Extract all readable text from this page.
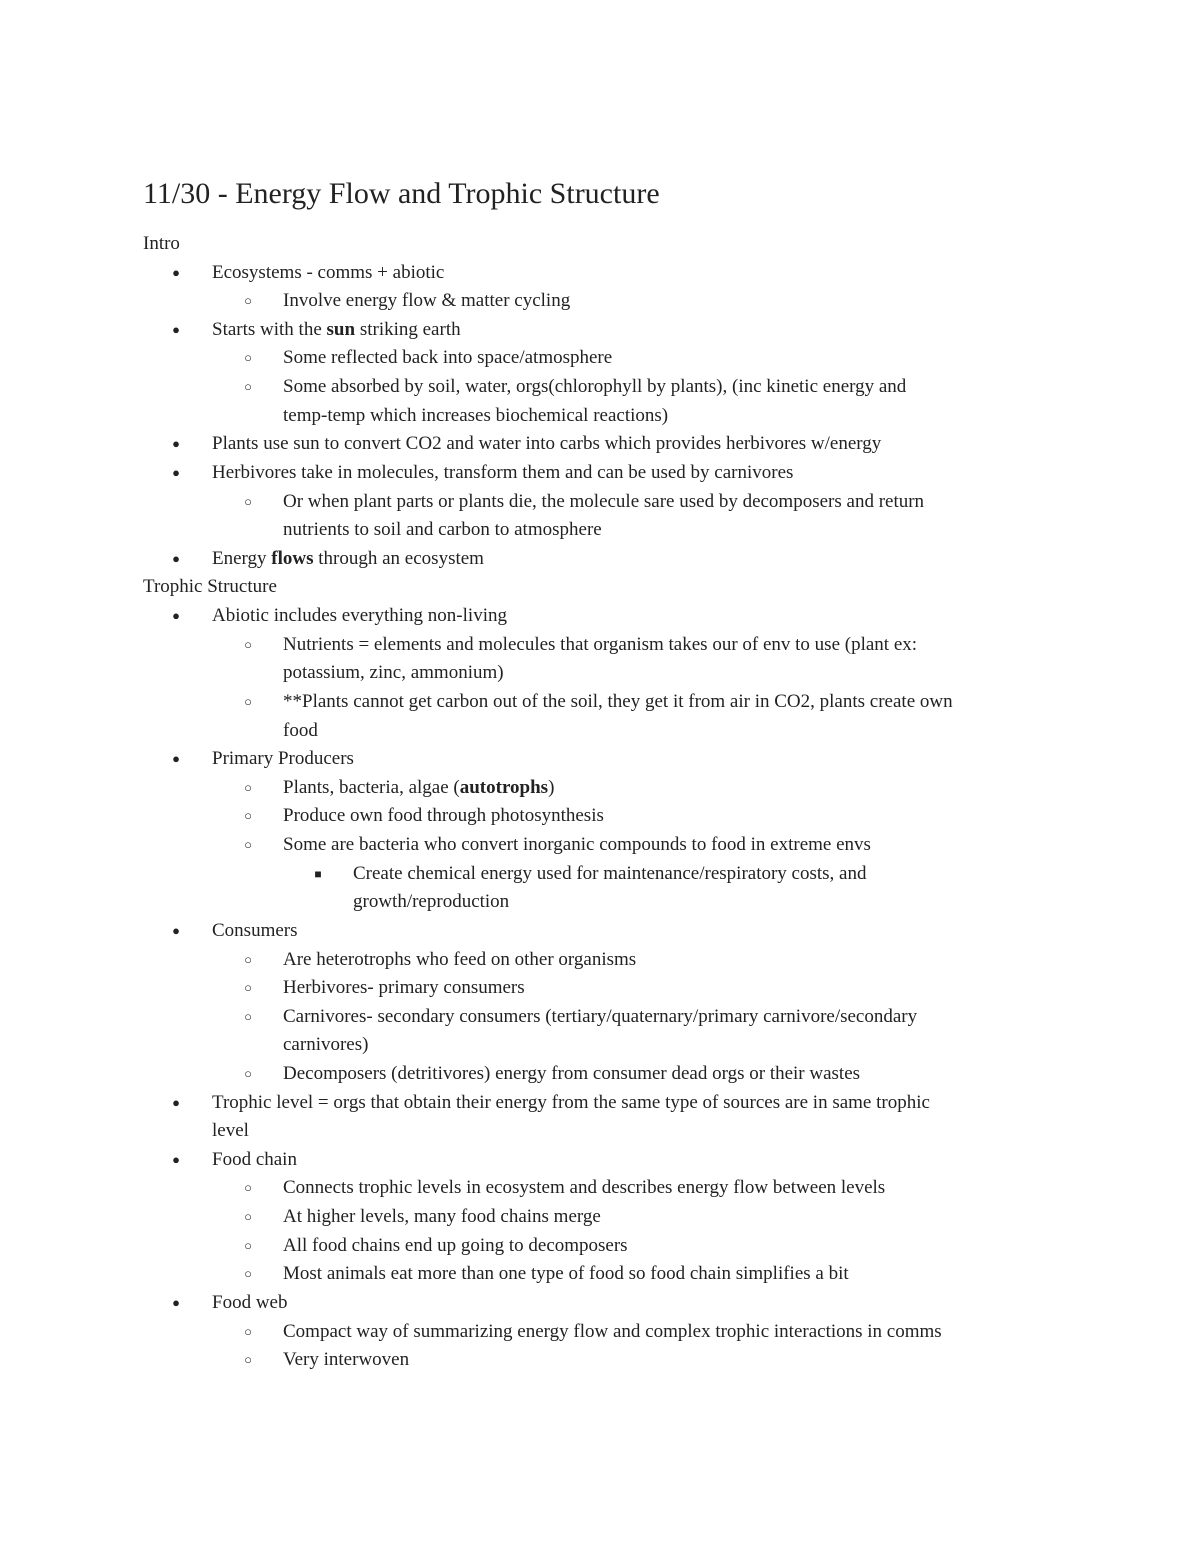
11/30 - Energy Flow and Trophic Structure
Intro
● Ecosystems - comms + abiotic
○ Involve energy flow & matter cycling
● Starts with the sun striking earth
○ Some reflected back into space/atmosphere
○ Some absorbed by soil, water, orgs(chlorophyll by plants), (inc kinetic energy and
temp-temp which increases biochemical reactions)
● Plants use sun to convert CO2 and water into carbs which provides herbivores w/energy
● Herbivores take in molecules, transform them and can be used by carnivores
○ Or when plant parts or plants die, the molecule sare used by decomposers and return
nutrients to soil and carbon to atmosphere
● Energy flows through an ecosystem
Trophic Structure
● Abiotic includes everything non-living
○ Nutrients = elements and molecules that organism takes our of env to use (plant ex:
potassium, zinc, ammonium)
○ **Plants cannot get carbon out of the soil, they get it from air in CO2, plants create own
food
● Primary Producers
○ Plants, bacteria, algae (autotrophs)
○ Produce own food through photosynthesis
○ Some are bacteria who convert inorganic compounds to food in extreme envs
■ Create chemical energy used for maintenance/respiratory costs, and
growth/reproduction
● Consumers
○ Are heterotrophs who feed on other organisms
○ Herbivores- primary consumers
○ Carnivores- secondary consumers (tertiary/quaternary/primary carnivore/secondary
carnivores)
○ Decomposers (detritivores) energy from consumer dead orgs or their wastes
● Trophic level = orgs that obtain their energy from the same type of sources are in same trophic
level
● Food chain
○ Connects trophic levels in ecosystem and describes energy flow between levels
○ At higher levels, many food chains merge
○ All food chains end up going to decomposers
○ Most animals eat more than one type of food so food chain simplifies a bit
● Food web
○ Compact way of summarizing energy flow and complex trophic interactions in comms
○ Very interwoven
